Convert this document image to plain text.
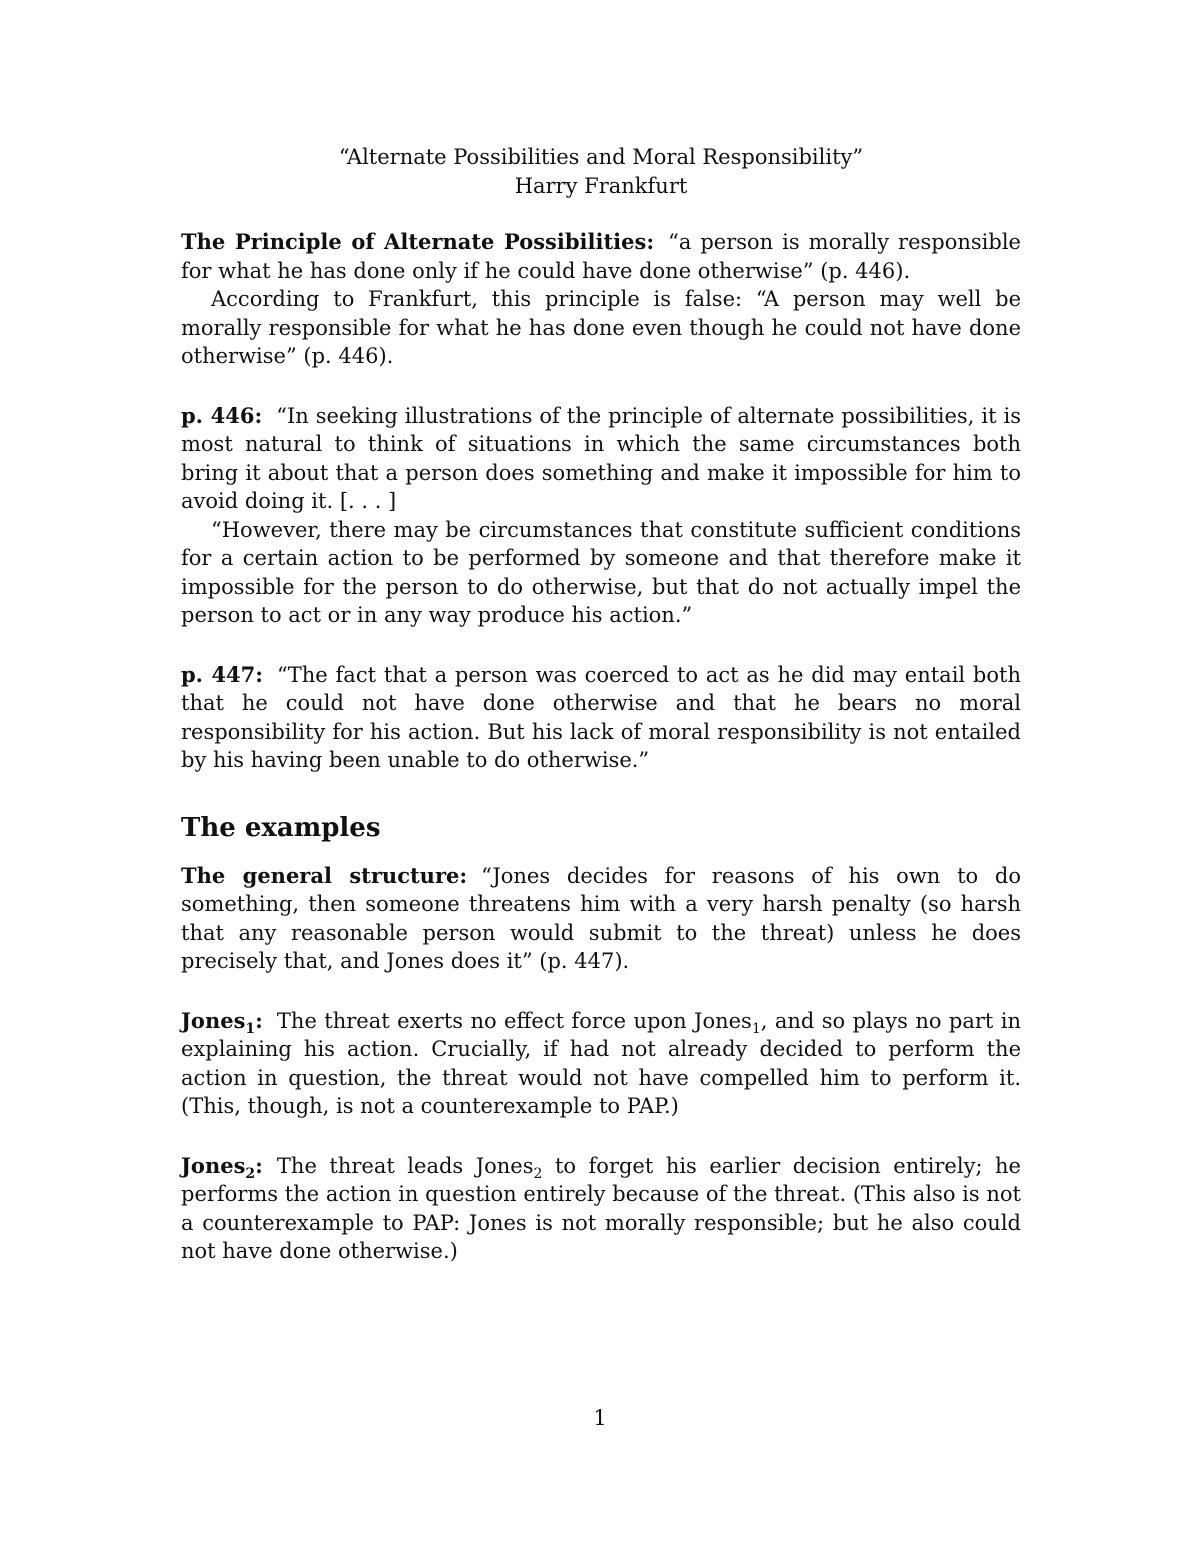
“Alternate Possibilities and Moral Responsibility”
Harry Frankfurt

The Principle of Alternate Possibilities: “a person is morally responsible for what he has done only if he could have done otherwise” (p. 446).

According to Frankfurt, this principle is false: “A person may well be morally responsible for what he has done even though he could not have done otherwise” (p. 446).

p. 446: “In seeking illustrations of the principle of alternate possibilities, it is most natural to think of situations in which the same circumstances both bring it about that a person does something and make it impossible for him to avoid doing it. [. . . ]

“However, there may be circumstances that constitute sufficient conditions for a certain action to be performed by someone and that therefore make it impossible for the person to do otherwise, but that do not actually impel the person to act or in any way produce his action.”

p. 447: “The fact that a person was coerced to act as he did may entail both that he could not have done otherwise and that he bears no moral responsibility for his action. But his lack of moral responsibility is not entailed by his having been unable to do otherwise.”

The examples

The general structure: “Jones decides for reasons of his own to do something, then someone threatens him with a very harsh penalty (so harsh that any reasonable person would submit to the threat) unless he does precisely that, and Jones does it” (p. 447).

Jones$_1$: The threat exerts no effect force upon Jones$_1$, and so plays no part in explaining his action. Crucially, if had not already decided to perform the action in question, the threat would not have compelled him to perform it. (This, though, is not a counterexample to PAP.)

Jones$_2$: The threat leads Jones$_2$ to forget his earlier decision entirely; he performs the action in question entirely because of the threat. (This also is not a counterexample to PAP: Jones is not morally responsible; but he also could not have done otherwise.)

1
